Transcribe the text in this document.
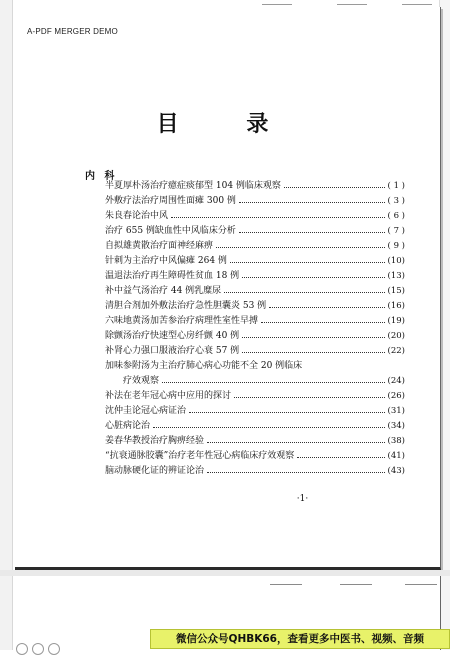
A-PDF MERGER DEMO
目 录
内 科
半夏厚朴汤治疗癔症痰郁型 104 例临床观察	( 1 )
外敷疗法治疗周围性面瘫 300 例	( 3 )
朱良春论治中风	( 6 )
治疗 655 例缺血性中风临床分析	( 7 )
自拟雄黄散治疗面神经麻痹	( 9 )
针刺为主治疗中风偏瘫 264 例	(10)
温退法治疗再生障碍性贫血 18 例	(13)
补中益气汤治疗 44 例乳糜尿	(15)
清胆合剂加外敷法治疗急性胆囊炎 53 例	(16)
六味地黄汤加苦参治疗病理性室性早搏	(19)
除颤汤治疗快速型心房纤颤 40 例	(20)
补肾心力强口服液治疗心衰 57 例	(22)
加味参附汤为主治疗肺心病心功能不全 20 例临床
疗效观察	(24)
补法在老年冠心病中应用的探讨	(26)
沈仲圭论冠心病证治	(31)
心脏病论治	(34)
姜春华教授治疗胸痹经验	(38)
“抗衰通脉胶囊”治疗老年性冠心病临床疗效观察	(41)
脑动脉硬化证的辨证论治	(43)
·1·
微信公众号QHBK66，查看更多中医书、视频、音频
